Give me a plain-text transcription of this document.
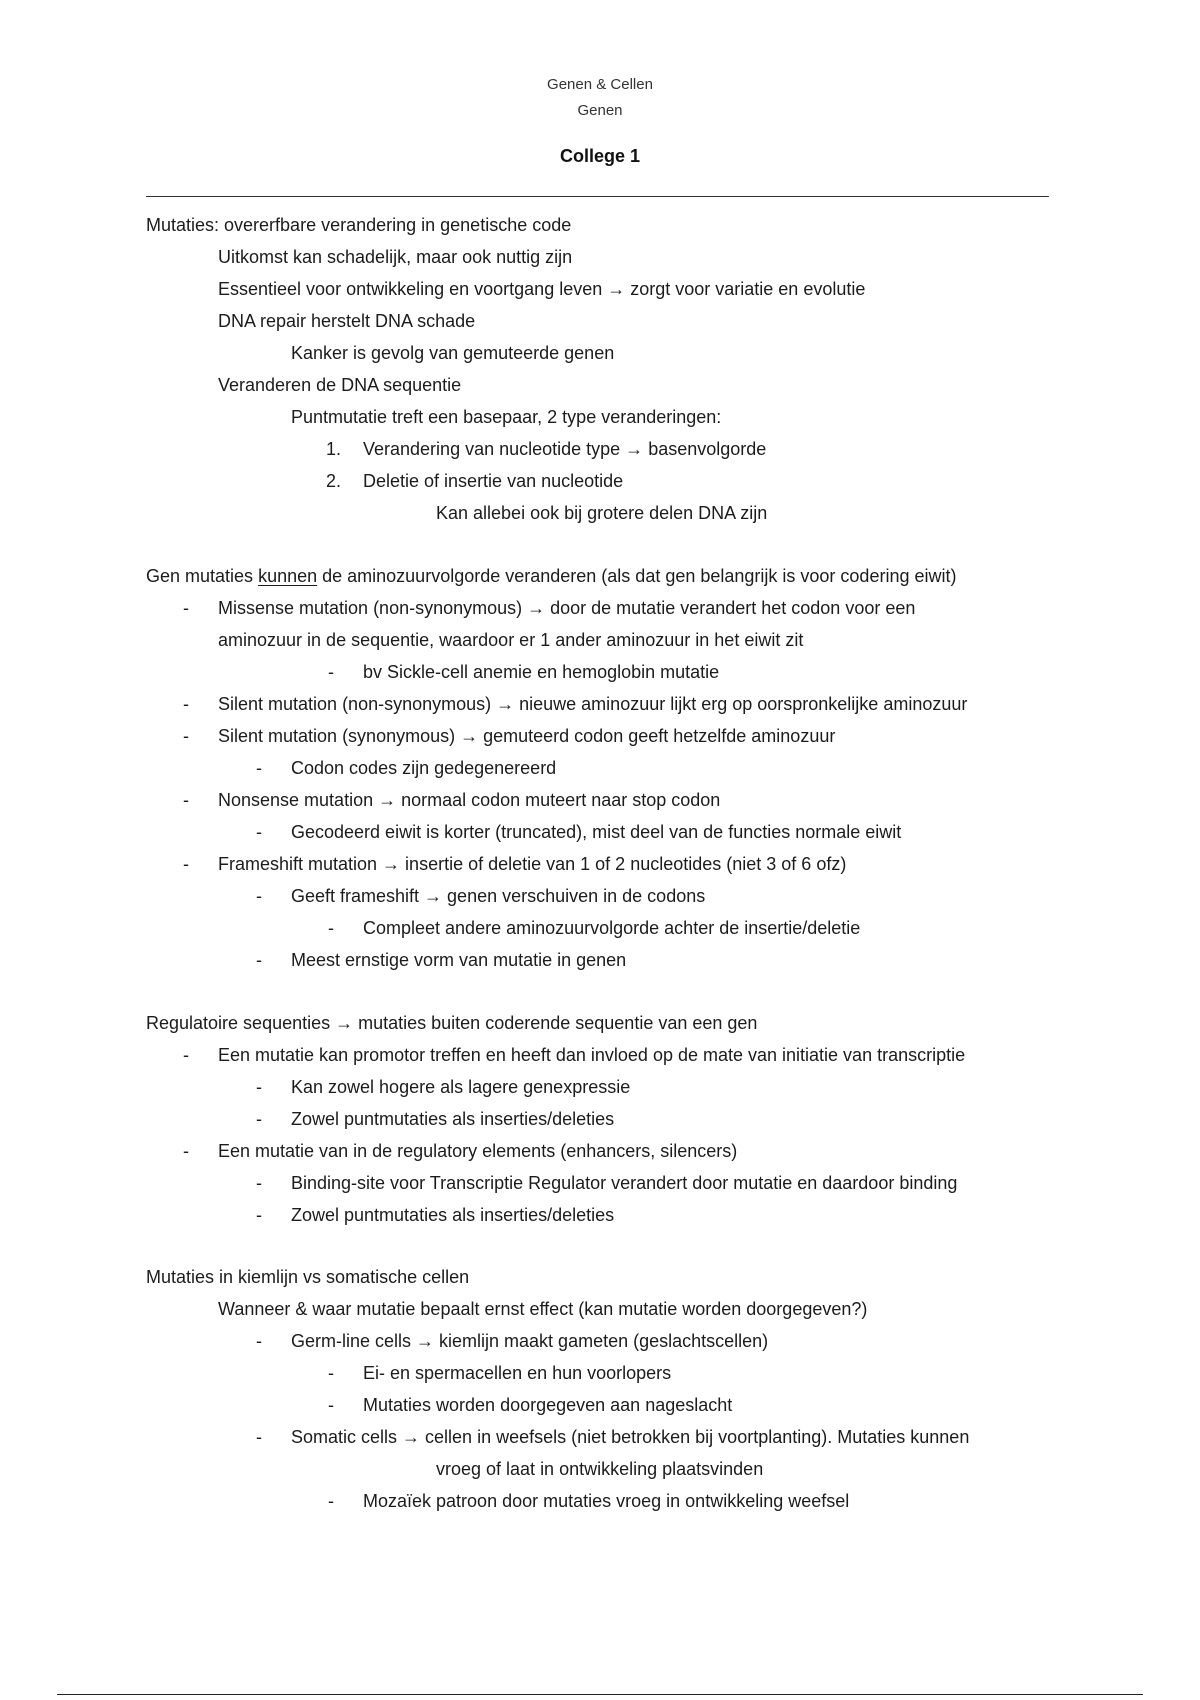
Genen & Cellen
Genen
College 1
Mutaties: overerfbare verandering in genetische code
Uitkomst kan schadelijk, maar ook nuttig zijn
Essentieel voor ontwikkeling en voortgang leven → zorgt voor variatie en evolutie
DNA repair herstelt DNA schade
Kanker is gevolg van gemuteerde genen
Veranderen de DNA sequentie
Puntmutatie treft een basepaar, 2 type veranderingen:
1. Verandering van nucleotide type → basenvolgorde
2. Deletie of insertie van nucleotide
Kan allebei ook bij grotere delen DNA zijn
Gen mutaties kunnen de aminozuurvolgorde veranderen (als dat gen belangrijk is voor codering eiwit)
- Missense mutation (non-synonymous) → door de mutatie verandert het codon voor een
aminozuur in de sequentie, waardoor er 1 ander aminozuur in het eiwit zit
- bv Sickle-cell anemie en hemoglobin mutatie
- Silent mutation (non-synonymous) → nieuwe aminozuur lijkt erg op oorspronkelijke aminozuur
- Silent mutation (synonymous) → gemuteerd codon geeft hetzelfde aminozuur
- Codon codes zijn gedegenereerd
- Nonsense mutation → normaal codon muteert naar stop codon
- Gecodeerd eiwit is korter (truncated), mist deel van de functies normale eiwit
- Frameshift mutation → insertie of deletie van 1 of 2 nucleotides (niet 3 of 6 ofz)
- Geeft frameshift → genen verschuiven in de codons
- Compleet andere aminozuurvolgorde achter de insertie/deletie
- Meest ernstige vorm van mutatie in genen
Regulatoire sequenties → mutaties buiten coderende sequentie van een gen
- Een mutatie kan promotor treffen en heeft dan invloed op de mate van initiatie van transcriptie
- Kan zowel hogere als lagere genexpressie
- Zowel puntmutaties als inserties/deleties
- Een mutatie van in de regulatory elements (enhancers, silencers)
- Binding-site voor Transcriptie Regulator verandert door mutatie en daardoor binding
- Zowel puntmutaties als inserties/deleties
Mutaties in kiemlijn vs somatische cellen
Wanneer & waar mutatie bepaalt ernst effect (kan mutatie worden doorgegeven?)
- Germ-line cells → kiemlijn maakt gameten (geslachtscellen)
- Ei- en spermacellen en hun voorlopers
- Mutaties worden doorgegeven aan nageslacht
- Somatic cells → cellen in weefsels (niet betrokken bij voortplanting). Mutaties kunnen
vroeg of laat in ontwikkeling plaatsvinden
- Mozaïek patroon door mutaties vroeg in ontwikkeling weefsel
